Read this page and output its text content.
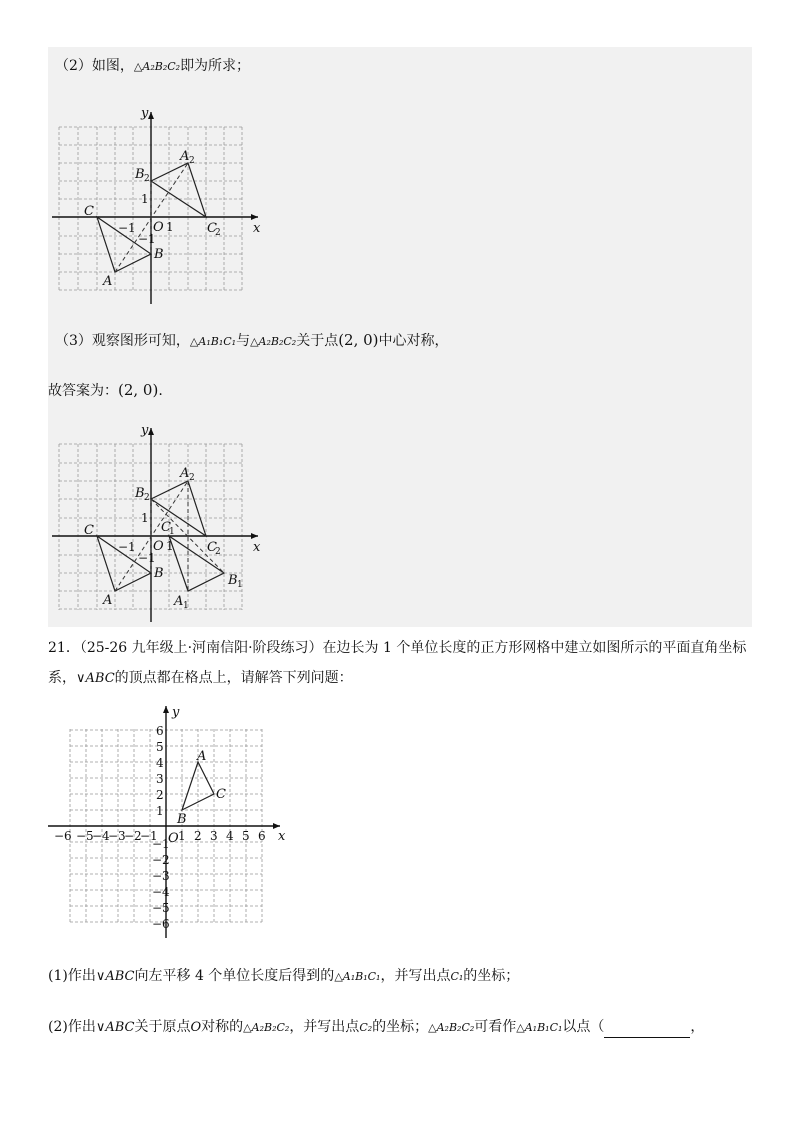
（2）如图，△A₂B₂C₂即为所求；
y
x
O
C
B
A
A
B
C
2
2
2
1
1
−1
−1
（3）观察图形可知，△A₁B₁C₁与△A₂B₂C₂关于点(2, 0)中心对称，
故答案为：(2, 0).
y
x
O
C
B
A
A
B
C
C
B
A
2
2
2
1
1
1
1
1
−1
−1
21．（25-26 九年级上·河南信阳·阶段练习）在边长为 1 个单位长度的正方形网格中建立如图所示的平面直角坐标
系，∨ABC的顶点都在格点上，请解答下列问题：
y
x
O
A
B
C
−6 −5
−4
−3
−2
−1 1 2 3 4 5 6
6
5
4
3
2
1
−1
−2
−3
−4
−5
−6
(1)作出∨ABC向左平移 4 个单位长度后得到的△A₁B₁C₁，并写出点C₁的坐标；
(2)作出∨ABC关于原点O对称的△A₂B₂C₂，并写出点C₂的坐标；△A₂B₂C₂可看作△A₁B₁C₁以点（	，
